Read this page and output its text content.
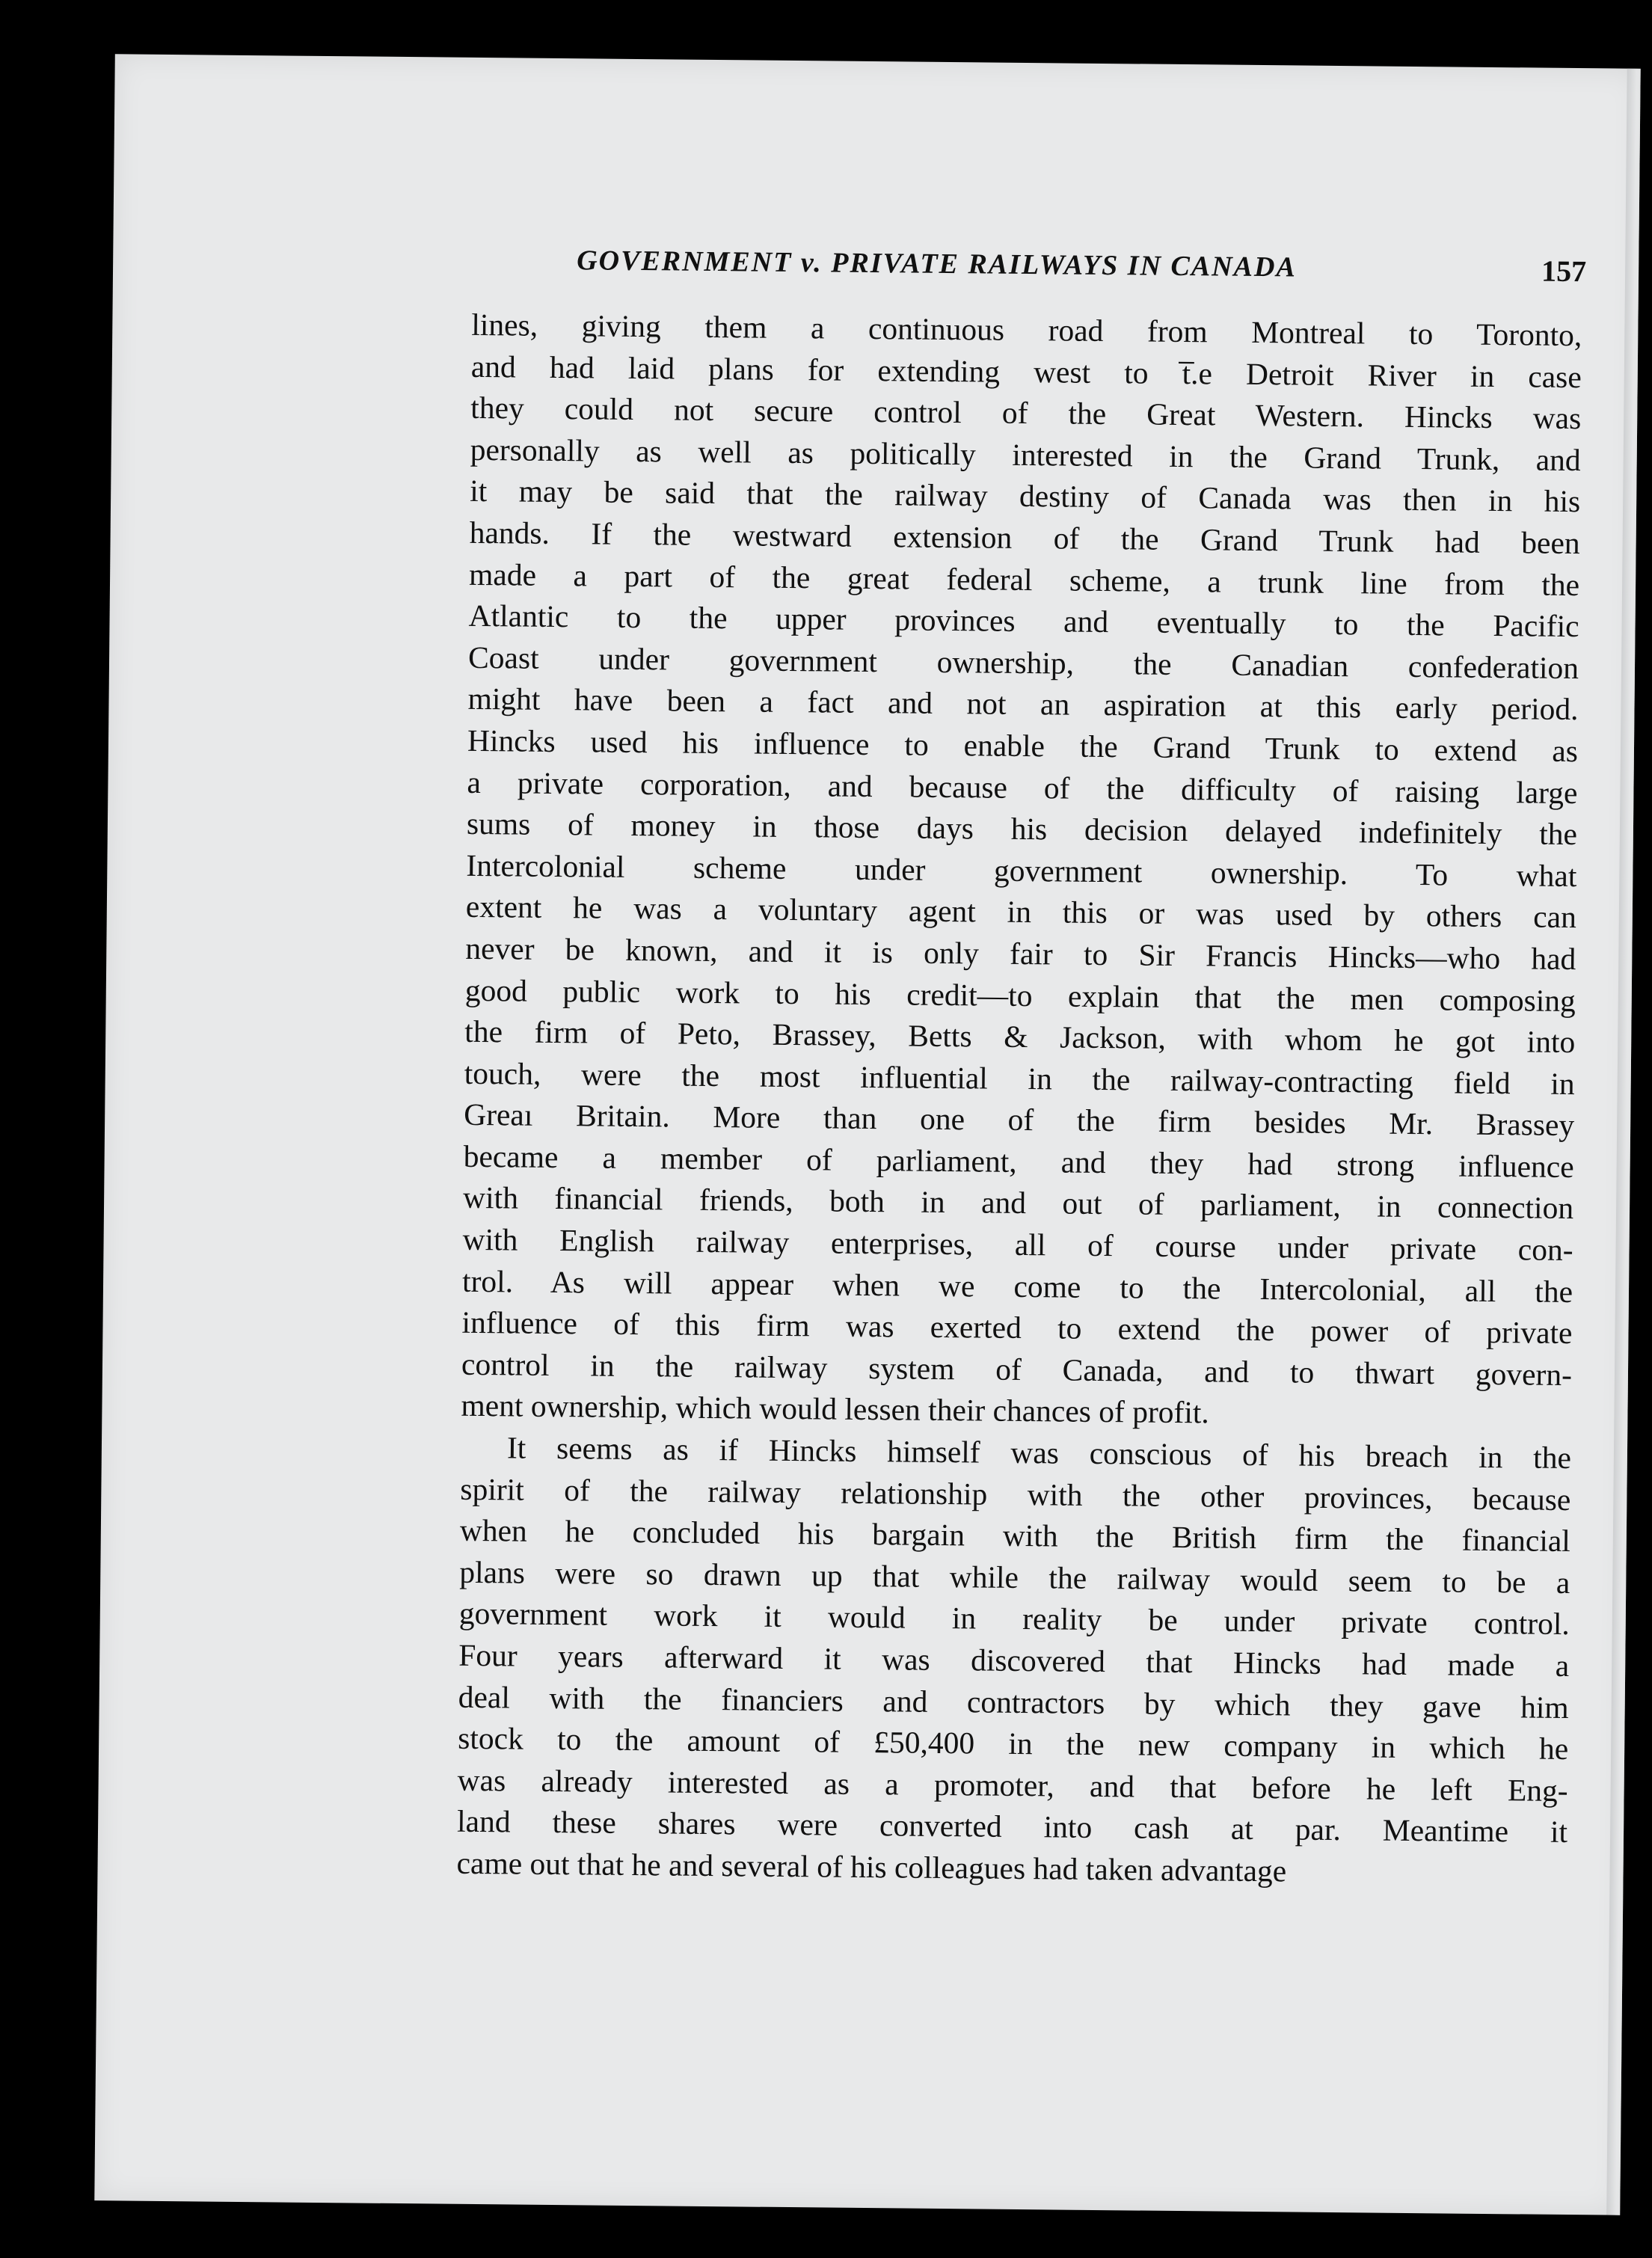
GOVERNMENT v. PRIVATE RAILWAYS IN CANADA	157
lines, giving them a continuous road from Montreal to Toronto,
and had laid plans for extending west to t̅.e Detroit River in case
they could not secure control of the Great Western. Hincks was
personally as well as politically interested in the Grand Trunk, and
it may be said that the railway destiny of Canada was then in his
hands. If the westward extension of the Grand Trunk had been
made a part of the great federal scheme, a trunk line from the
Atlantic to the upper provinces and eventually to the Pacific
Coast under government ownership, the Canadian confederation
might have been a fact and not an aspiration at this early period.
Hincks used his influence to enable the Grand Trunk to extend as
a private corporation, and because of the difficulty of raising large
sums of money in those days his decision delayed indefinitely the
Intercolonial scheme under government ownership. To what
extent he was a voluntary agent in this or was used by others can
never be known, and it is only fair to Sir Francis Hincks—who had
good public work to his credit—to explain that the men composing
the firm of Peto, Brassey, Betts & Jackson, with whom he got into
touch, were the most influential in the railway-contracting field in
Greaı Britain. More than one of the firm besides Mr. Brassey
became a member of parliament, and they had strong influence
with financial friends, both in and out of parliament, in connection
with English railway enterprises, all of course under private con-
trol. As will appear when we come to the Intercolonial, all the
influence of this firm was exerted to extend the power of private
control in the railway system of Canada, and to thwart govern-
ment ownership, which would lessen their chances of profit.
It seems as if Hincks himself was conscious of his breach in the
spirit of the railway relationship with the other provinces, because
when he concluded his bargain with the British firm the financial
plans were so drawn up that while the railway would seem to be a
government work it would in reality be under private control.
Four years afterward it was discovered that Hincks had made a
deal with the financiers and contractors by which they gave him
stock to the amount of £50,400 in the new company in which he
was already interested as a promoter, and that before he left Eng-
land these shares were converted into cash at par. Meantime it
came out that he and several of his colleagues had taken advantage
